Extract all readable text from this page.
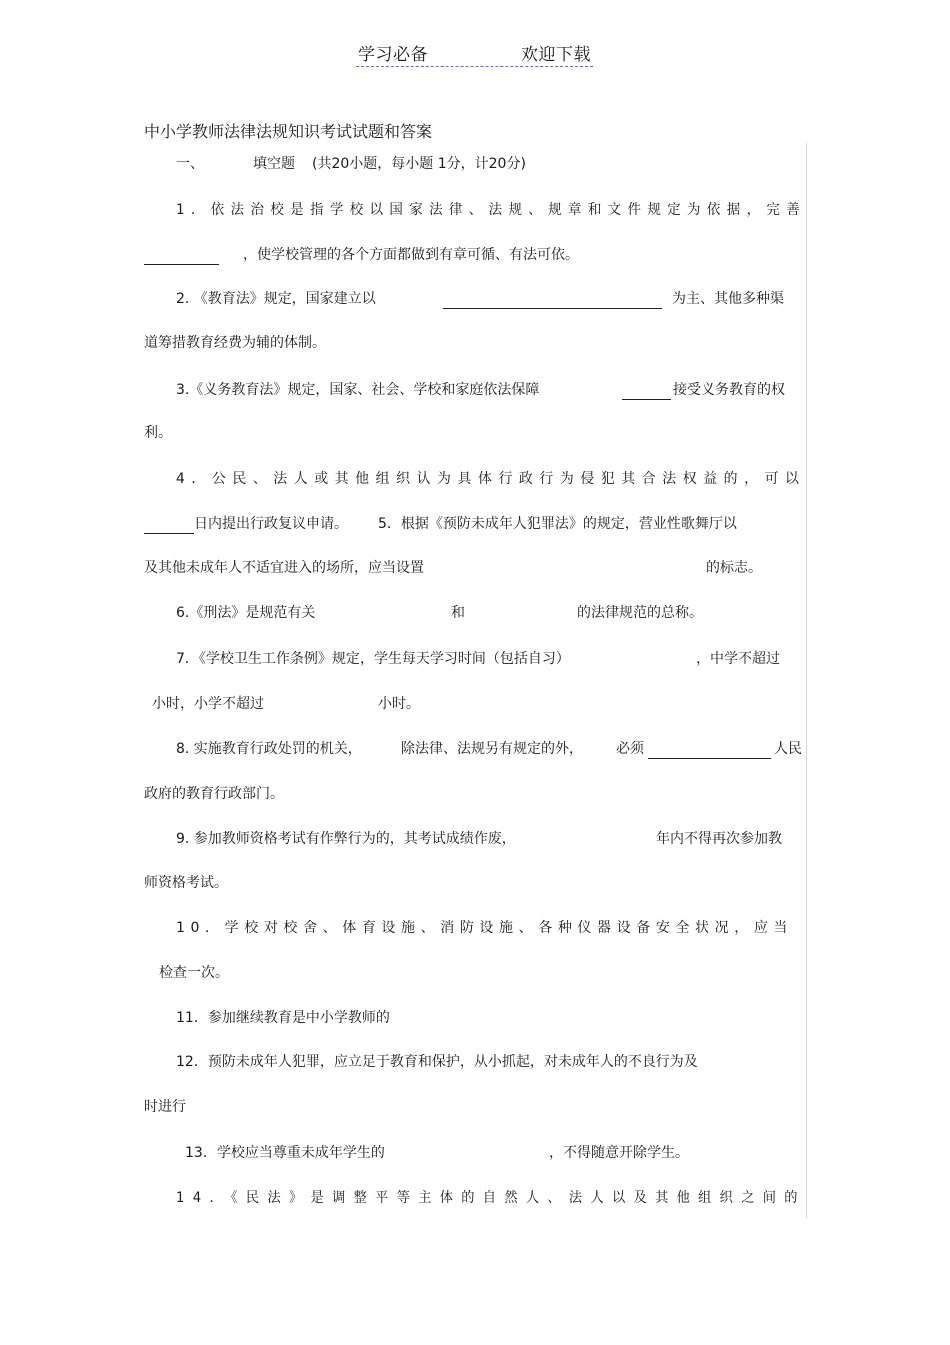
学习必备	欢迎下载
中小学教师法律法规知识考试试题和答案
一、	填空题 (共20小题，每小题 1分，计20分)
1．依法治校是指学校以国家法律、法规、规章和文件规定为依据，完善
，使学校管理的各个方面都做到有章可循、有法可依。
2. 《教育法》规定，国家建立以	为主、其他多种渠
道筹措教育经费为辅的体制。
3.《义务教育法》规定，国家、社会、学校和家庭依法保障	接受义务教育的权
利。
4．公民、法人或其他组织认为具体行政行为侵犯其合法权益的，可以
日内提出行政复议申请。 5．根据《预防未成年人犯罪法》的规定，营业性歌舞厅以
及其他未成年人不适宜进入的场所，应当设置	的标志。
6.《刑法》是规范有关	和	的法律规范的总称。
7．《学校卫生工作条例》规定，学生每天学习时间（包括自习）	，中学不超过
小时，小学不超过	小时。
8. 实施教育行政处罚的机关，	除法律、法规另有规定的外， 必须	人民
政府的教育行政部门。
9. 参加教师资格考试有作弊行为的，其考试成绩作废，	年内不得再次参加教
师资格考试。
10．学校对校舍、体育设施、消防设施、各种仪器设备安全状况，应当
检查一次。
11．参加继续教育是中小学教师的
12．预防未成年人犯罪，应立足于教育和保护，从小抓起，对未成年人的不良行为及
时进行
13．学校应当尊重未成年学生的	，不得随意开除学生。
14．《民法》是调整平等主体的自然人、法人以及其他组织之间的
